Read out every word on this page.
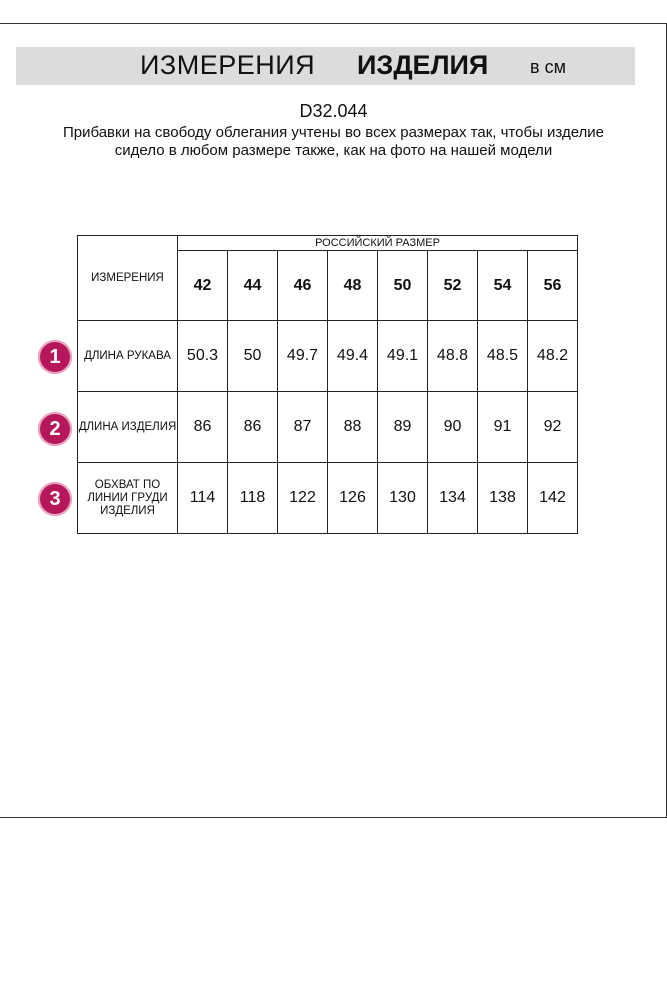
ИЗМЕРЕНИЯ ИЗДЕЛИЯ в см
D32.044
Прибавки на свободу облегания учтены во всех размерах так, чтобы изделие сидело в любом размере также, как на фото на нашей модели
ИЗМЕРЕНИЯ	РОССИЙСКИЙ РАЗМЕР							
	42	44	46	48	50	52	54	56
ДЛИНА РУКАВА	50.3	50	49.7	49.4	49.1	48.8	48.5	48.2
ДЛИНА ИЗДЕЛИЯ	86	86	87	88	89	90	91	92
ОБХВАТ ПО ЛИНИИ ГРУДИ ИЗДЕЛИЯ	114	118	122	126	130	134	138	142
1
2
3
